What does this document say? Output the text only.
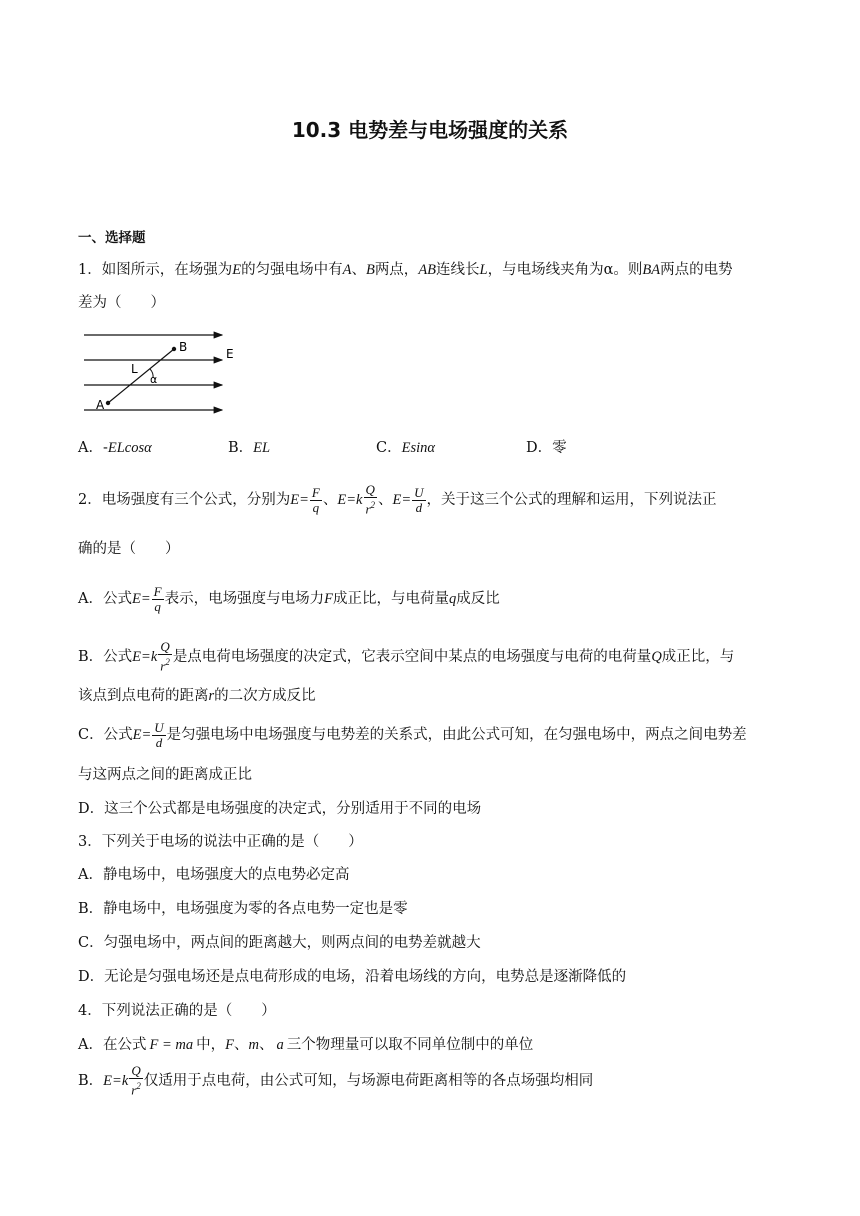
10.3 电势差与电场强度的关系
一、选择题
1．如图所示，在场强为E的匀强电场中有A、B两点，AB连线长L，与电场线夹角为α。则BA两点的电势
差为（　　）
B
A
L
α
E
A．-ELcosα	B．EL	C．Esinα	D．零
2．电场强度有三个公式，分别为$E= \frac{F}{q}$ 、$E=k \frac{Q}{r^2}$ 、$E= \frac{U}{d}$ ，关于这三个公式的理解和运用，下列说法正
确的是（　　）
A．公式$E= \frac{F}{q}$ 表示，电场强度与电场力F成正比，与电荷量q成反比
B．公式$E=k \frac{Q}{r^2}$ 是点电荷电场强度的决定式，它表示空间中某点的电场强度与电荷的电荷量Q成正比，与
该点到点电荷的距离r的二次方成反比
C．公式$E= \frac{U}{d}$ 是匀强电场中电场强度与电势差的关系式，由此公式可知，在匀强电场中，两点之间电势差
与这两点之间的距离成正比
D．这三个公式都是电场强度的决定式，分别适用于不同的电场
3．下列关于电场的说法中正确的是（　　）
A．静电场中，电场强度大的点电势必定高
B．静电场中，电场强度为零的各点电势一定也是零
C．匀强电场中，两点间的距离越大，则两点间的电势差就越大
D．无论是匀强电场还是点电荷形成的电场，沿着电场线的方向，电势总是逐渐降低的
4．下列说法正确的是（　　）
A．在公式 F = ma 中，F、m、 a 三个物理量可以取不同单位制中的单位
B．$E=k \frac{Q}{r^2}$ 仅适用于点电荷，由公式可知，与场源电荷距离相等的各点场强均相同
